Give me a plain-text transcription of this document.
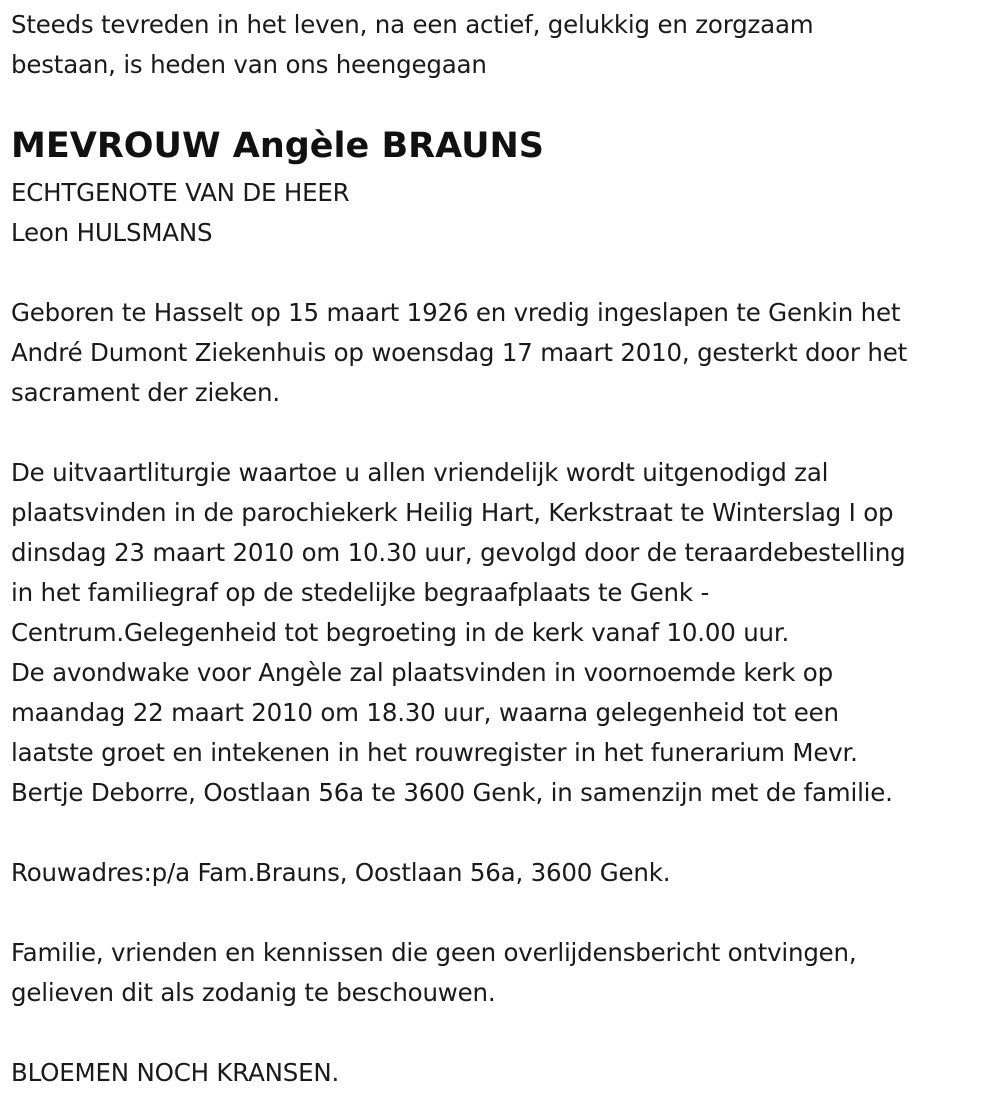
Steeds tevreden in het leven, na een actief, gelukkig en zorgzaam
bestaan, is heden van ons heengegaan
MEVROUW Angèle BRAUNS
ECHTGENOTE VAN DE HEER
Leon HULSMANS
Geboren te Hasselt op 15 maart 1926 en vredig ingeslapen te Genkin het
André Dumont Ziekenhuis op woensdag 17 maart 2010, gesterkt door het
sacrament der zieken.
De uitvaartliturgie waartoe u allen vriendelijk wordt uitgenodigd zal
plaatsvinden in de parochiekerk Heilig Hart, Kerkstraat te Winterslag I op
dinsdag 23 maart 2010 om 10.30 uur, gevolgd door de teraardebestelling
in het familiegraf op de stedelijke begraafplaats te Genk -
Centrum.Gelegenheid tot begroeting in de kerk vanaf 10.00 uur.
De avondwake voor Angèle zal plaatsvinden in voornoemde kerk op
maandag 22 maart 2010 om 18.30 uur, waarna gelegenheid tot een
laatste groet en intekenen in het rouwregister in het funerarium Mevr.
Bertje Deborre, Oostlaan 56a te 3600 Genk, in samenzijn met de familie.
Rouwadres:p/a Fam.Brauns, Oostlaan 56a, 3600 Genk.
Familie, vrienden en kennissen die geen overlijdensbericht ontvingen,
gelieven dit als zodanig te beschouwen.
BLOEMEN NOCH KRANSEN.
